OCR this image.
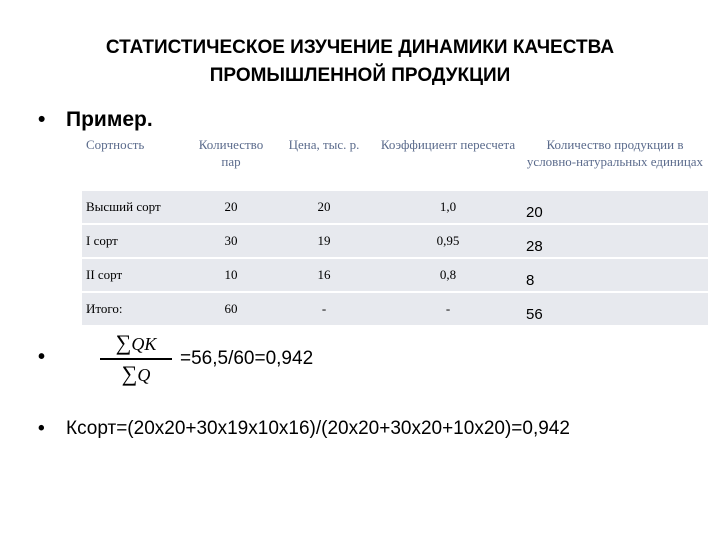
СТАТИСТИЧЕСКОЕ ИЗУЧЕНИЕ ДИНАМИКИ КАЧЕСТВА
ПРОМЫШЛЕННОЙ ПРОДУКЦИИ
• Пример.
Сортность	Количество пар	Цена, тыс. р.	Коэффициент пересчета	Количество продукции в условно-натуральных единицах
Высший сорт	20	20	1,0	20
I сорт	30	19	0,95	28
II сорт	10	16	0,8	8
Итого:	60	-	-	56
•
∑QK
∑Q
=56,5/60=0,942
• Ксорт=(20х20+30х19х10х16)/(20х20+30х20+10х20)=0,942
